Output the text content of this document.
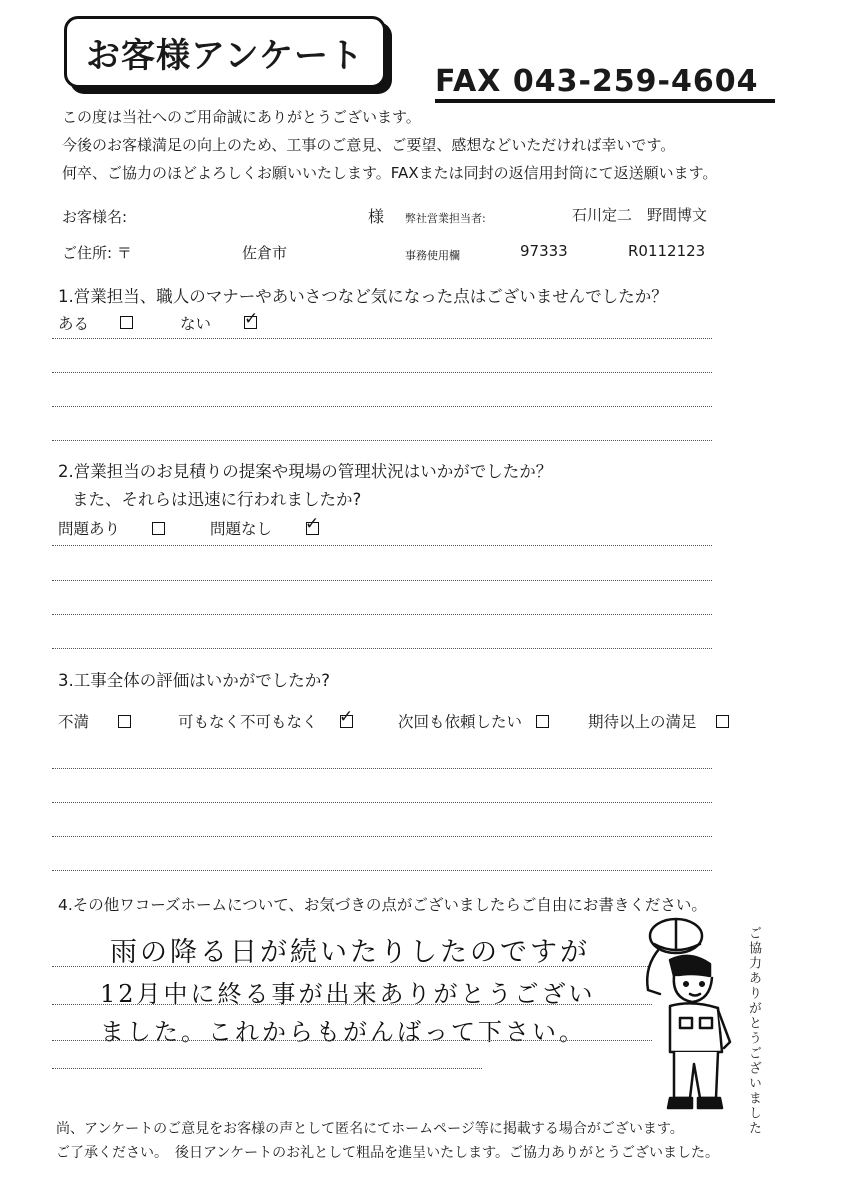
お客様アンケート
FAX 043-259-4604
この度は当社へのご用命誠にありがとうございます。
今後のお客様満足の向上のため、工事のご意見、ご要望、感想などいただければ幸いです。
何卒、ご協力のほどよろしくお願いいたします。FAXまたは同封の返信用封筒にて返送願います。
お客様名:	様 弊社営業担当者:	石川定二　野間博文
ご住所: 〒	佐倉市	事務使用欄	97333	R0112123
1.営業担当、職人のマナーやあいさつなど気になった点はございませんでしたか？
ある	ない ✓
2.営業担当のお見積りの提案や現場の管理状況はいかがでしたか？
また、それらは迅速に行われましたか?
問題あり	問題なし ✓
3.工事全体の評価はいかがでしたか?
不満	可もなく不可もなく ✓	次回も依頼したい	期待以上の満足
4.その他ワコーズホームについて、お気づきの点がございましたらご自由にお書きください。
雨の降る日が続いたりしたのですが
12月中に終る事が出来ありがとうござい
ました。これからもがんばって下さい。	ご協力ありがとうございました
尚、アンケートのご意見をお客様の声として匿名にてホームページ等に掲載する場合がございます。
ご了承ください。　後日アンケートのお礼として粗品を進呈いたします。ご協力ありがとうございました。
